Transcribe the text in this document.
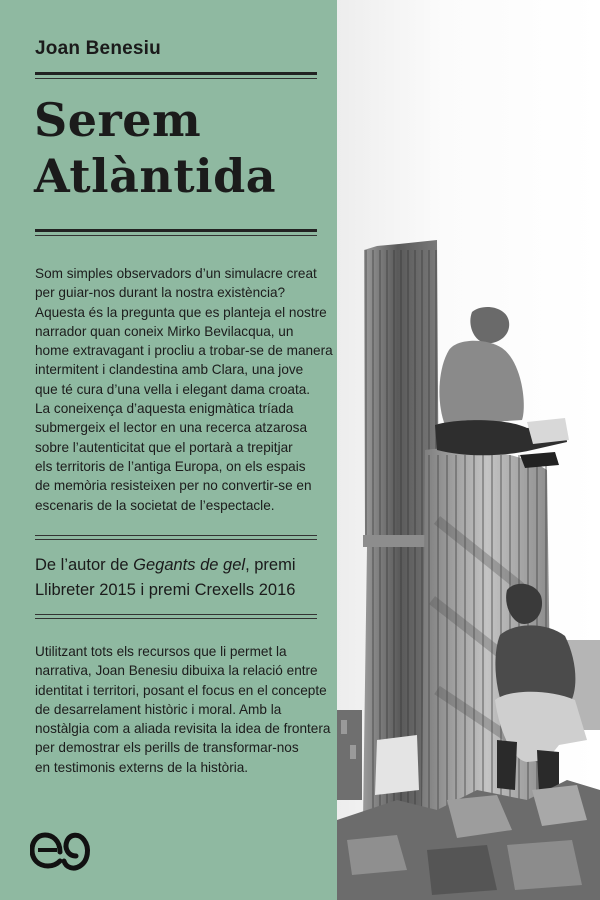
Joan Benesiu
Serem
Atlàntida
Som simples observadors d’un simulacre creat
per guiar-nos durant la nostra existència?
Aquesta és la pregunta que es planteja el nostre
narrador quan coneix Mirko Bevilacqua, un
home extravagant i procliu a trobar-se de manera
intermitent i clandestina amb Clara, una jove
que té cura d’una vella i elegant dama croata.
La coneixença d’aquesta enigmàtica tríada
submergeix el lector en una recerca atzarosa
sobre l’autenticitat que el portarà a trepitjar
els territoris de l’antiga Europa, on els espais
de memòria resisteixen per no convertir-se en
escenaris de la societat de l’espectacle.
De l’autor de Gegants de gel, premi
Llibreter 2015 i premi Crexells 2016
Utilitzant tots els recursos que li permet la
narrativa, Joan Benesiu dibuixa la relació entre
identitat i territori, posant el focus en el concepte
de desarrelament històric i moral. Amb la
nostàlgia com a aliada revisita la idea de frontera
per demostrar els perills de transformar-nos
en testimonis externs de la història.
